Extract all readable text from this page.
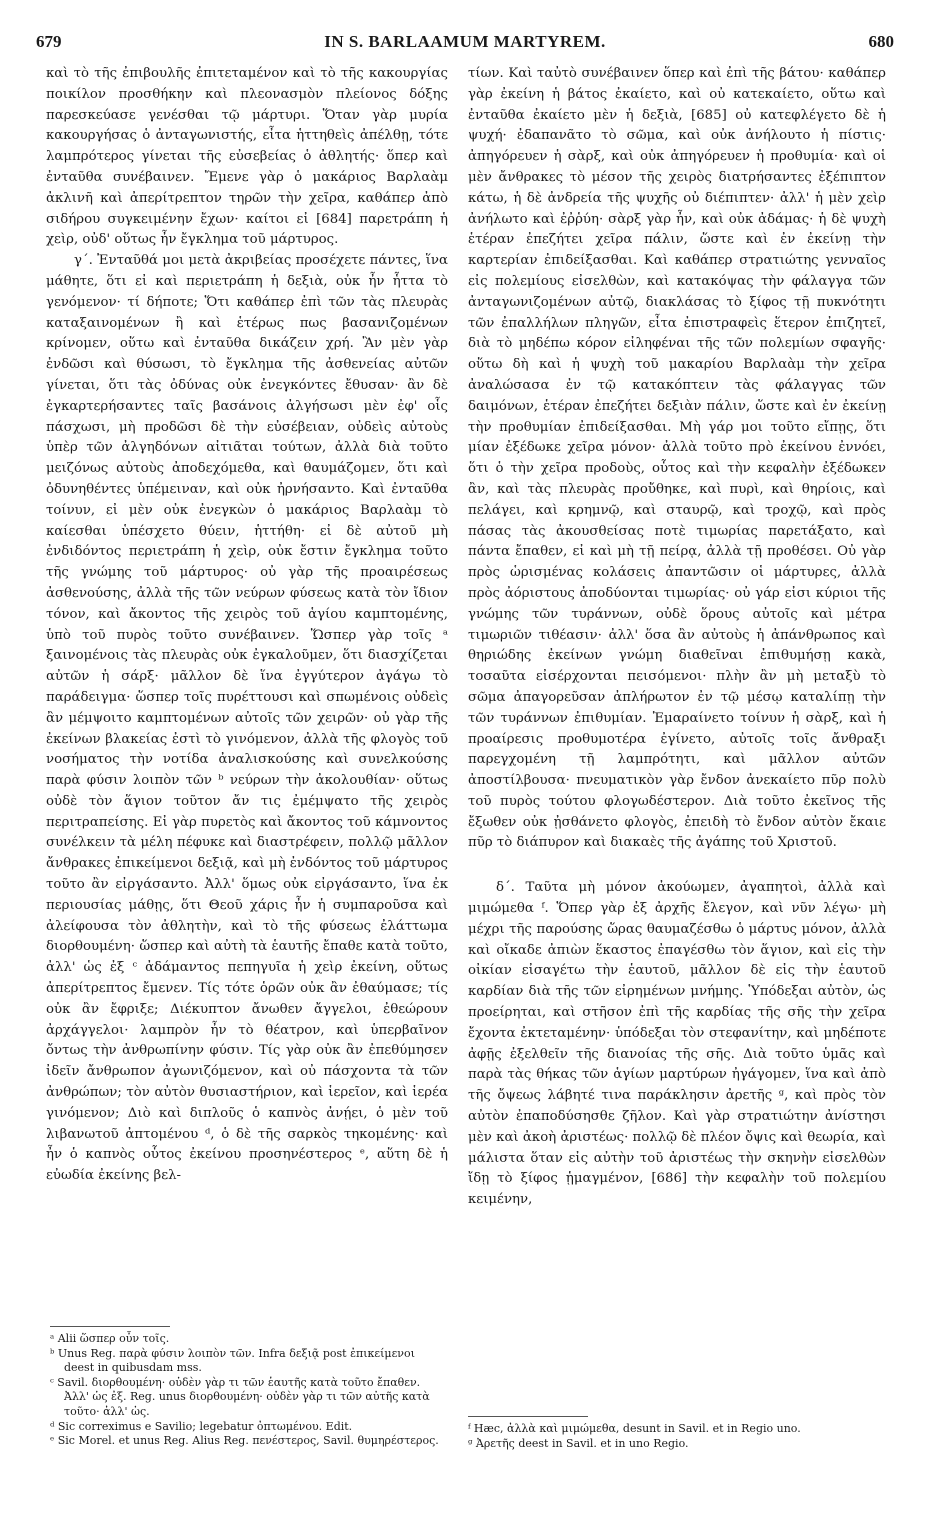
679	IN S. BARLAAMUM MARTYREM.	680

καὶ τὸ τῆς ἐπιβουλῆς ἐπιτεταμένον καὶ τὸ τῆς κακουργίας ποικίλον προσθήκην καὶ πλεονασμὸν πλείονος δόξης παρεσκεύασε γενέσθαι τῷ μάρτυρι. Ὅταν γὰρ μυρία κακουργήσας ὁ ἀνταγωνιστής, εἶτα ἡττηθεὶς ἀπέλθῃ, τότε λαμπρότερος γίνεται τῆς εὐσεβείας ὁ ἀθλητής· ὅπερ καὶ ἐνταῦθα συνέβαινεν. Ἔμενε γὰρ ὁ μακάριος Βαρλαὰμ ἀκλινῆ καὶ ἀπερίτρεπτον τηρῶν τὴν χεῖρα, καθάπερ ἀπὸ σιδήρου συγκειμένην ἔχων· καίτοι εἰ [684] παρετράπη ἡ χεὶρ, οὐδ' οὕτως ἦν ἔγκλημα τοῦ μάρτυρος.

γ΄. Ἐνταῦθά μοι μετὰ ἀκριβείας προσέχετε πάντες, ἵνα μάθητε, ὅτι εἰ καὶ περιετράπη ἡ δεξιὰ, οὐκ ἦν ἧττα τὸ γενόμενον· τί δήποτε; Ὅτι καθάπερ ἐπὶ τῶν τὰς πλευρὰς καταξαινομένων ἢ καὶ ἑτέρως πως βασανιζομένων κρίνομεν, οὕτω καὶ ἐνταῦθα δικάζειν χρή. Ἂν μὲν γὰρ ἐνδῶσι καὶ θύσωσι, τὸ ἔγκλημα τῆς ἀσθενείας αὐτῶν γίνεται, ὅτι τὰς ὀδύνας οὐκ ἐνεγκόντες ἔθυσαν· ἂν δὲ ἐγκαρτερήσαντες ταῖς βασάνοις ἀλγήσωσι μὲν ἐφ' οἷς πάσχωσι, μὴ προδῶσι δὲ τὴν εὐσέβειαν, οὐδεὶς αὐτοὺς ὑπὲρ τῶν ἀλγηδόνων αἰτιᾶται τούτων, ἀλλὰ διὰ τοῦτο μειζόνως αὐτοὺς ἀποδεχόμεθα, καὶ θαυμάζομεν, ὅτι καὶ ὀδυνηθέντες ὑπέμειναν, καὶ οὐκ ἠρνήσαντο. Καὶ ἐνταῦθα τοίνυν, εἰ μὲν οὐκ ἐνεγκὼν ὁ μακάριος Βαρλαὰμ τὸ καίεσθαι ὑπέσχετο θύειν, ἡττήθη· εἰ δὲ αὐτοῦ μὴ ἐνδιδόντος περιετράπη ἡ χεὶρ, οὐκ ἔστιν ἔγκλημα τοῦτο τῆς γνώμης τοῦ μάρτυρος· οὐ γὰρ τῆς προαιρέσεως ἀσθενούσης, ἀλλὰ τῆς τῶν νεύρων φύσεως κατὰ τὸν ἴδιον τόνον, καὶ ἄκοντος τῆς χειρὸς τοῦ ἁγίου καμπτομένης, ὑπὸ τοῦ πυρὸς τοῦτο συνέβαινεν. Ὥσπερ γὰρ τοῖς ᵃ ξαινομένοις τὰς πλευρὰς οὐκ ἐγκαλοῦμεν, ὅτι διασχίζεται αὐτῶν ἡ σάρξ· μᾶλλον δὲ ἵνα ἐγγύτερον ἀγάγω τὸ παράδειγμα· ὥσπερ τοῖς πυρέττουσι καὶ σπωμένοις οὐδεὶς ἂν μέμψοιτο καμπτομένων αὐτοῖς τῶν χειρῶν· οὐ γὰρ τῆς ἐκείνων βλακείας ἐστὶ τὸ γινόμενον, ἀλλὰ τῆς φλογὸς τοῦ νοσήματος τὴν νοτίδα ἀναλισκούσης καὶ συνελκούσης παρὰ φύσιν λοιπὸν τῶν ᵇ νεύρων τὴν ἀκολουθίαν· οὕτως οὐδὲ τὸν ἅγιον τοῦτον ἄν τις ἐμέμψατο τῆς χειρὸς περιτραπείσης. Εἰ γὰρ πυρετὸς καὶ ἄκοντος τοῦ κάμνοντος συνέλκειν τὰ μέλη πέφυκε καὶ διαστρέφειν, πολλῷ μᾶλλον ἄνθρακες ἐπικείμενοι δεξιᾷ, καὶ μὴ ἐνδόντος τοῦ μάρτυρος τοῦτο ἂν εἰργάσαντο. Ἀλλ' ὅμως οὐκ εἰργάσαντο, ἵνα ἐκ περιουσίας μάθῃς, ὅτι Θεοῦ χάρις ἦν ἡ συμπαροῦσα καὶ ἀλείφουσα τὸν ἀθλητὴν, καὶ τὸ τῆς φύσεως ἐλάττωμα διορθουμένη· ὥσπερ καὶ αὐτὴ τὰ ἑαυτῆς ἔπαθε κατὰ τοῦτο, ἀλλ' ὡς ἐξ ᶜ ἀδάμαντος πεπηγυῖα ἡ χεὶρ ἐκείνη, οὕτως ἀπερίτρεπτος ἔμενεν. Τίς τότε ὁρῶν οὐκ ἂν ἐθαύμασε; τίς οὐκ ἂν ἔφριξε; Διέκυπτον ἄνωθεν ἄγγελοι, ἐθεώρουν ἀρχάγγελοι· λαμπρὸν ἦν τὸ θέατρον, καὶ ὑπερβαῖνον ὄντως τὴν ἀνθρωπίνην φύσιν. Τίς γὰρ οὐκ ἂν ἐπεθύμησεν ἰδεῖν ἄνθρωπον ἀγωνιζόμενον, καὶ οὐ πάσχοντα τὰ τῶν ἀνθρώπων; τὸν αὐτὸν θυσιαστήριον, καὶ ἱερεῖον, καὶ ἱερέα γινόμενον; Διὸ καὶ διπλοῦς ὁ καπνὸς ἀνῄει, ὁ μὲν τοῦ λιβανωτοῦ ἀπτομένου ᵈ, ὁ δὲ τῆς σαρκὸς τηκομένης· καὶ ἦν ὁ καπνὸς οὗτος ἐκείνου προσηνέστερος ᵉ, αὕτη δὲ ἡ εὐωδία ἐκείνης βελ-

τίων. Καὶ ταὐτὸ συνέβαινεν ὅπερ καὶ ἐπὶ τῆς βάτου· καθάπερ γὰρ ἐκείνη ἡ βάτος ἐκαίετο, καὶ οὐ κατεκαίετο, οὕτω καὶ ἐνταῦθα ἐκαίετο μὲν ἡ δεξιὰ, [685] οὐ κατεφλέγετο δὲ ἡ ψυχή· ἐδαπανᾶτο τὸ σῶμα, καὶ οὐκ ἀνήλουτο ἡ πίστις· ἀπηγόρευεν ἡ σὰρξ, καὶ οὐκ ἀπηγόρευεν ἡ προθυμία· καὶ οἱ μὲν ἄνθρακες τὸ μέσον τῆς χειρὸς διατρήσαντες ἐξέπιπτον κάτω, ἡ δὲ ἀνδρεία τῆς ψυχῆς οὐ διέπιπτεν· ἀλλ' ἡ μὲν χεὶρ ἀνήλωτο καὶ ἐῤῥύη· σὰρξ γὰρ ἦν, καὶ οὐκ ἀδάμας· ἡ δὲ ψυχὴ ἑτέραν ἐπεζήτει χεῖρα πάλιν, ὥστε καὶ ἐν ἐκείνῃ τὴν καρτερίαν ἐπιδείξασθαι. Καὶ καθάπερ στρατιώτης γενναῖος εἰς πολεμίους εἰσελθὼν, καὶ κατακόψας τὴν φάλαγγα τῶν ἀνταγωνιζομένων αὐτῷ, διακλάσας τὸ ξίφος τῇ πυκνότητι τῶν ἐπαλλήλων πληγῶν, εἶτα ἐπιστραφεὶς ἕτερον ἐπιζητεῖ, διὰ τὸ μηδέπω κόρον εἰληφέναι τῆς τῶν πολεμίων σφαγῆς· οὕτω δὴ καὶ ἡ ψυχὴ τοῦ μακαρίου Βαρλαὰμ τὴν χεῖρα ἀναλώσασα ἐν τῷ κατακόπτειν τὰς φάλαγγας τῶν δαιμόνων, ἑτέραν ἐπεζήτει δεξιὰν πάλιν, ὥστε καὶ ἐν ἐκείνῃ τὴν προθυμίαν ἐπιδείξασθαι. Μὴ γάρ μοι τοῦτο εἴπῃς, ὅτι μίαν ἐξέδωκε χεῖρα μόνον· ἀλλὰ τοῦτο πρὸ ἐκείνου ἐννόει, ὅτι ὁ τὴν χεῖρα προδοὺς, οὗτος καὶ τὴν κεφαλὴν ἐξέδωκεν ἂν, καὶ τὰς πλευρὰς προὔθηκε, καὶ πυρὶ, καὶ θηρίοις, καὶ πελάγει, καὶ κρημνῷ, καὶ σταυρῷ, καὶ τροχῷ, καὶ πρὸς πάσας τὰς ἀκουσθείσας ποτὲ τιμωρίας παρετάξατο, καὶ πάντα ἔπαθεν, εἰ καὶ μὴ τῇ πείρᾳ, ἀλλὰ τῇ προθέσει. Οὐ γὰρ πρὸς ὡρισμένας κολάσεις ἀπαντῶσιν οἱ μάρτυρες, ἀλλὰ πρὸς ἀόριστους ἀποδύονται τιμωρίας· οὐ γάρ εἰσι κύριοι τῆς γνώμης τῶν τυράννων, οὐδὲ ὅρους αὐτοῖς καὶ μέτρα τιμωριῶν τιθέασιν· ἀλλ' ὅσα ἂν αὐτοὺς ἡ ἀπάνθρωπος καὶ θηριώδης ἐκείνων γνώμη διαθεῖναι ἐπιθυμήσῃ κακὰ, τοσαῦτα εἰσέρχονται πεισόμενοι· πλὴν ἂν μὴ μεταξὺ τὸ σῶμα ἀπαγορεῦσαν ἀπλήρωτον ἐν τῷ μέσῳ καταλίπῃ τὴν τῶν τυράννων ἐπιθυμίαν. Ἐμαραίνετο τοίνυν ἡ σὰρξ, καὶ ἡ προαίρεσις προθυμοτέρα ἐγίνετο, αὐτοῖς τοῖς ἄνθραξι παρεγχομένη τῇ λαμπρότητι, καὶ μᾶλλον αὐτῶν ἀποστίλβουσα· πνευματικὸν γὰρ ἔνδον ἀνεκαίετο πῦρ πολὺ τοῦ πυρὸς τούτου φλογωδέστερον. Διὰ τοῦτο ἐκεῖνος τῆς ἔξωθεν οὐκ ᾐσθάνετο φλογὸς, ἐπειδὴ τὸ ἔνδον αὐτὸν ἔκαιε πῦρ τὸ διάπυρον καὶ διακαὲς τῆς ἀγάπης τοῦ Χριστοῦ.

δ΄. Ταῦτα μὴ μόνον ἀκούωμεν, ἀγαπητοὶ, ἀλλὰ καὶ μιμώμεθα ᶠ. Ὅπερ γὰρ ἐξ ἀρχῆς ἔλεγον, καὶ νῦν λέγω· μὴ μέχρι τῆς παρούσης ὥρας θαυμαζέσθω ὁ μάρτυς μόνον, ἀλλὰ καὶ οἴκαδε ἀπιὼν ἕκαστος ἐπαγέσθω τὸν ἅγιον, καὶ εἰς τὴν οἰκίαν εἰσαγέτω τὴν ἑαυτοῦ, μᾶλλον δὲ εἰς τὴν ἑαυτοῦ καρδίαν διὰ τῆς τῶν εἰρημένων μνήμης. Ὑπόδεξαι αὐτὸν, ὡς προείρηται, καὶ στῆσον ἐπὶ τῆς καρδίας τῆς σῆς τὴν χεῖρα ἔχοντα ἐκτεταμένην· ὑπόδεξαι τὸν στεφανίτην, καὶ μηδέποτε ἀφῇς ἐξελθεῖν τῆς διανοίας τῆς σῆς. Διὰ τοῦτο ὑμᾶς καὶ παρὰ τὰς θήκας τῶν ἁγίων μαρτύρων ἠγάγομεν, ἵνα καὶ ἀπὸ τῆς ὄψεως λάβητέ τινα παράκλησιν ἀρετῆς ᵍ, καὶ πρὸς τὸν αὐτὸν ἐπαποδύσησθε ζῆλον. Καὶ γὰρ στρατιώτην ἀνίστησι μὲν καὶ ἀκοὴ ἀριστέως· πολλῷ δὲ πλέον ὄψις καὶ θεωρία, καὶ μάλιστα ὅταν εἰς αὐτὴν τοῦ ἀριστέως τὴν σκηνὴν εἰσελθὼν ἴδῃ τὸ ξίφος ᾑμαγμένον, [686] τὴν κεφαλὴν τοῦ πολεμίου κειμένην,

ᵃ Alii ὥσπερ οὖν τοῖς.

ᵇ Unus Reg. παρὰ φύσιν λοιπὸν τῶν. Infra δεξιᾷ post ἐπικείμενοι deest in quibusdam mss.

ᶜ Savil. διορθουμένη· οὐδὲν γὰρ τι τῶν ἑαυτῆς κατὰ τοῦτο ἔπαθεν. Ἀλλ' ὡς ἐξ. Reg. unus διορθουμένη· οὐδὲν γὰρ τι τῶν αὐτῆς κατὰ τοῦτο· ἀλλ' ὡς.

ᵈ Sic correximus e Savilio; legebatur ὀπτωμένου. Edit.

ᵉ Sic Morel. et unus Reg. Alius Reg. πενέστερος, Savil. θυμηρέστερος.

ᶠ Hæc, ἀλλὰ καὶ μιμώμεθα, desunt in Savil. et in Regio uno.

ᵍ Ἀρετῆς deest in Savil. et in uno Regio.
